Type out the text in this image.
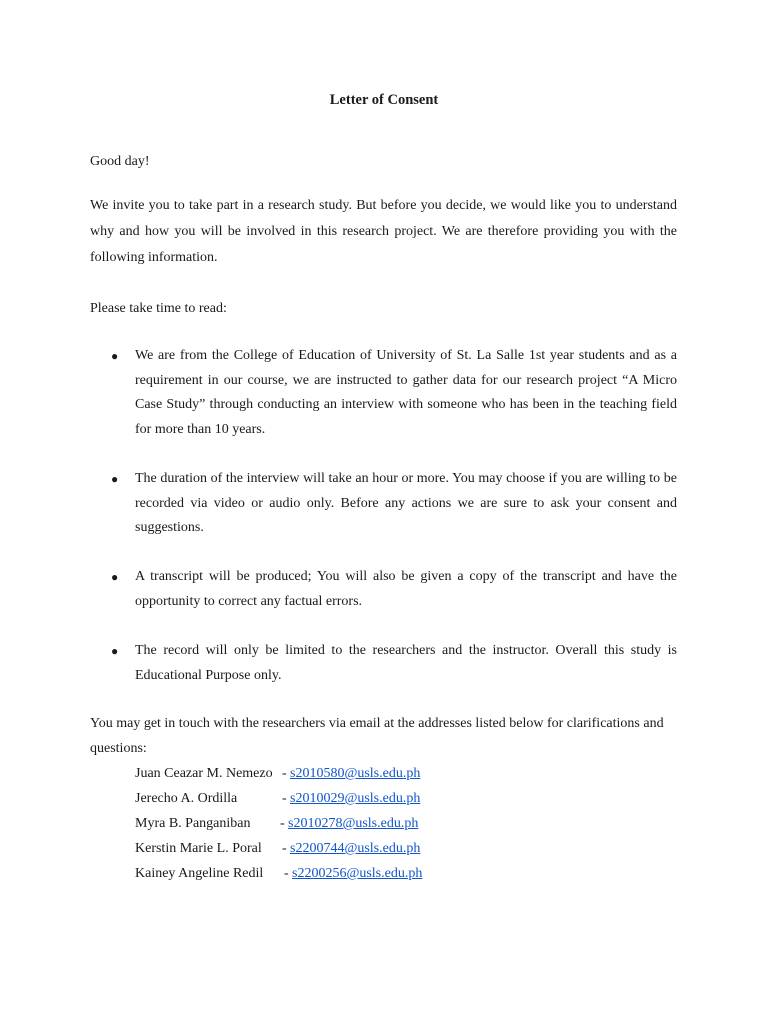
Letter of Consent
Good day!
We invite you to take part in a research study. But before you decide, we would like you to understand why and how you will be involved in this research project. We are therefore providing you with the following information.
Please take time to read:
● We are from the College of Education of University of St. La Salle 1st year students and as a requirement in our course, we are instructed to gather data for our research project “A Micro Case Study” through conducting an interview with someone who has been in the teaching field for more than 10 years.
● The duration of the interview will take an hour or more. You may choose if you are willing to be recorded via video or audio only. Before any actions we are sure to ask your consent and suggestions.
● A transcript will be produced; You will also be given a copy of the transcript and have the opportunity to correct any factual errors.
● The record will only be limited to the researchers and the instructor. Overall this study is Educational Purpose only.
You may get in touch with the researchers via email at the addresses listed below for clarifications and questions:
Juan Ceazar M. Nemezo - s2010580@usls.edu.ph
Jerecho A. Ordilla	- s2010029@usls.edu.ph
Myra B. Panganiban - s2010278@usls.edu.ph
Kerstin Marie L. Poral - s2200744@usls.edu.ph
Kainey Angeline Redil - s2200256@usls.edu.ph
